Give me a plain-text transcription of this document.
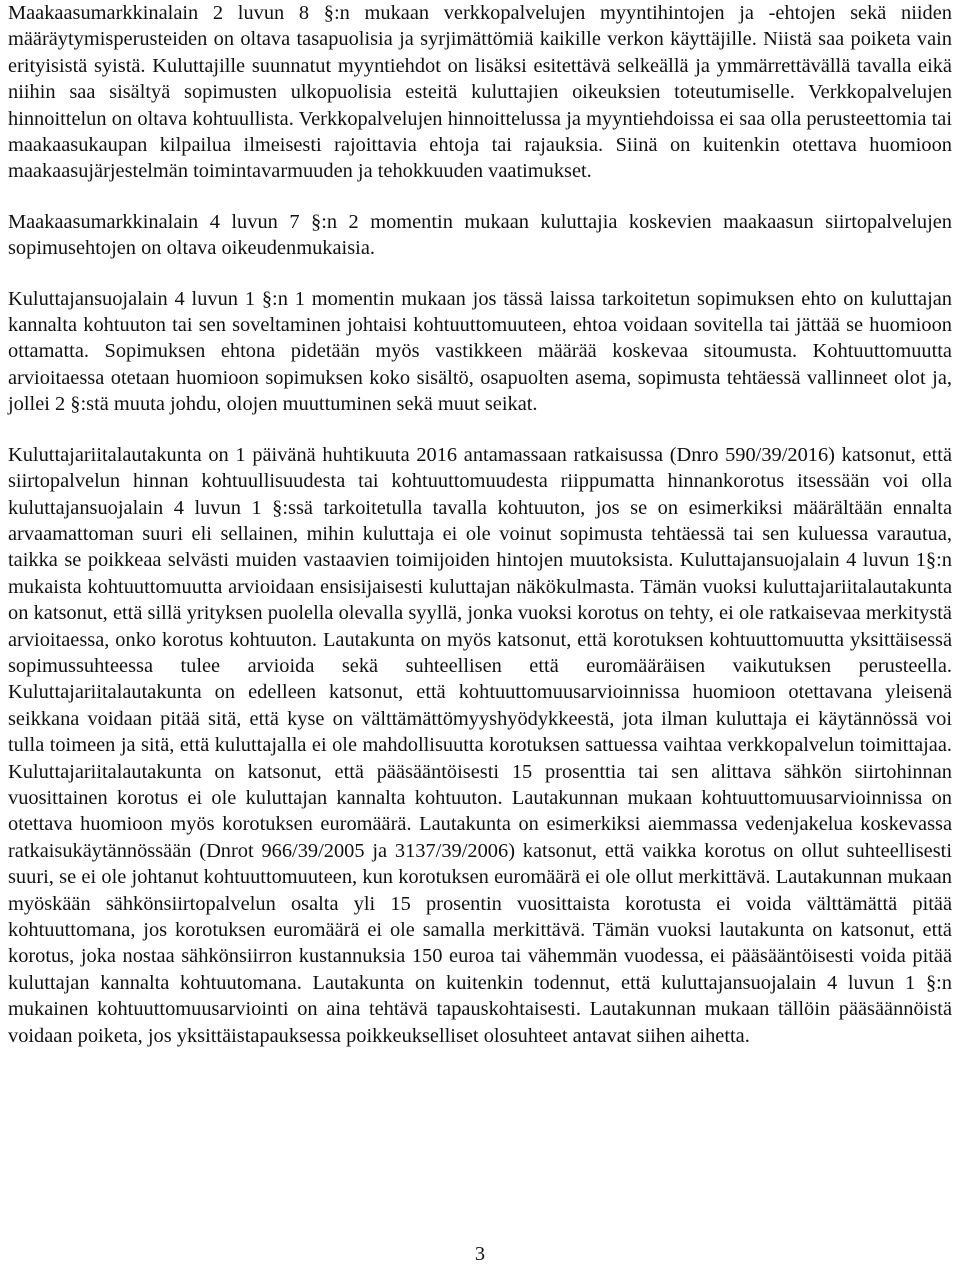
Maakaasumarkkinalain 2 luvun 8 §:n mukaan verkkopalvelujen myyntihintojen ja -ehtojen sekä niiden määräytymisperusteiden on oltava tasapuolisia ja syrjimättömiä kaikille verkon käyttäjille. Niistä saa poiketa vain erityisistä syistä. Kuluttajille suunnatut myyntiehdot on lisäksi esitettävä selkeällä ja ymmärrettävällä tavalla eikä niihin saa sisältyä sopimusten ulkopuolisia esteitä kuluttajien oikeuksien toteutumiselle. Verkkopalvelujen hinnoittelun on oltava kohtuullista. Verkkopalvelujen hinnoittelussa ja myyntiehdoissa ei saa olla perusteettomia tai maakaasukaupan kilpailua ilmeisesti rajoittavia ehtoja tai rajauksia. Siinä on kuitenkin otettava huomioon maakaasujärjestelmän toimintavarmuuden ja tehokkuuden vaatimukset.

Maakaasumarkkinalain 4 luvun 7 §:n 2 momentin mukaan kuluttajia koskevien maakaasun siirtopalvelujen sopimusehtojen on oltava oikeudenmukaisia.

Kuluttajansuojalain 4 luvun 1 §:n 1 momentin mukaan jos tässä laissa tarkoitetun sopimuksen ehto on kuluttajan kannalta kohtuuton tai sen soveltaminen johtaisi kohtuuttomuuteen, ehtoa voidaan sovitella tai jättää se huomioon ottamatta. Sopimuksen ehtona pidetään myös vastikkeen määrää koskevaa sitoumusta. Kohtuuttomuutta arvioitaessa otetaan huomioon sopimuksen koko sisältö, osapuolten asema, sopimusta tehtäessä vallinneet olot ja, jollei 2 §:stä muuta johdu, olojen muuttuminen sekä muut seikat.

Kuluttajariitalautakunta on 1 päivänä huhtikuuta 2016 antamassaan ratkaisussa (Dnro 590/39/2016) katsonut, että siirtopalvelun hinnan kohtuullisuudesta tai kohtuuttomuudesta riippumatta hinnankorotus itsessään voi olla kuluttajansuojalain 4 luvun 1 §:ssä tarkoitetulla tavalla kohtuuton, jos se on esimerkiksi määrältään ennalta arvaamattoman suuri eli sellainen, mihin kuluttaja ei ole voinut sopimusta tehtäessä tai sen kuluessa varautua, taikka se poikkeaa selvästi muiden vastaavien toimijoiden hintojen muutoksista. Kuluttajansuojalain 4 luvun 1§:n mukaista kohtuuttomuutta arvioidaan ensisijaisesti kuluttajan näkökulmasta. Tämän vuoksi kuluttajariitalautakunta on katsonut, että sillä yrityksen puolella olevalla syyllä, jonka vuoksi korotus on tehty, ei ole ratkaisevaa merkitystä arvioitaessa, onko korotus kohtuuton. Lautakunta on myös katsonut, että korotuksen kohtuuttomuutta yksittäisessä sopimussuhteessa tulee arvioida sekä suhteellisen että euromääräisen vaikutuksen perusteella. Kuluttajariitalautakunta on edelleen katsonut, että kohtuuttomuusarvioinnissa huomioon otettavana yleisenä seikkana voidaan pitää sitä, että kyse on välttämättömyyshyödykkeestä, jota ilman kuluttaja ei käytännössä voi tulla toimeen ja sitä, että kuluttajalla ei ole mahdollisuutta korotuksen sattuessa vaihtaa verkkopalvelun toimittajaa. Kuluttajariitalautakunta on katsonut, että pääsääntöisesti 15 prosenttia tai sen alittava sähkön siirtohinnan vuosittainen korotus ei ole kuluttajan kannalta kohtuuton. Lautakunnan mukaan kohtuuttomuusarvioinnissa on otettava huomioon myös korotuksen euromäärä. Lautakunta on esimerkiksi aiemmassa vedenjakelua koskevassa ratkaisukäytännössään (Dnrot 966/39/2005 ja 3137/39/2006) katsonut, että vaikka korotus on ollut suhteellisesti suuri, se ei ole johtanut kohtuuttomuuteen, kun korotuksen euromäärä ei ole ollut merkittävä. Lautakunnan mukaan myöskään sähkönsiirtopalvelun osalta yli 15 prosentin vuosittaista korotusta ei voida välttämättä pitää kohtuuttomana, jos korotuksen euromäärä ei ole samalla merkittävä. Tämän vuoksi lautakunta on katsonut, että korotus, joka nostaa sähkönsiirron kustannuksia 150 euroa tai vähemmän vuodessa, ei pääsääntöisesti voida pitää kuluttajan kannalta kohtuutomana. Lautakunta on kuitenkin todennut, että kuluttajansuojalain 4 luvun 1 §:n mukainen kohtuuttomuusarviointi on aina tehtävä tapauskohtaisesti. Lautakunnan mukaan tällöin pääsäännöistä voidaan poiketa, jos yksittäistapauksessa poikkeukselliset olosuhteet antavat siihen aihetta.

3
